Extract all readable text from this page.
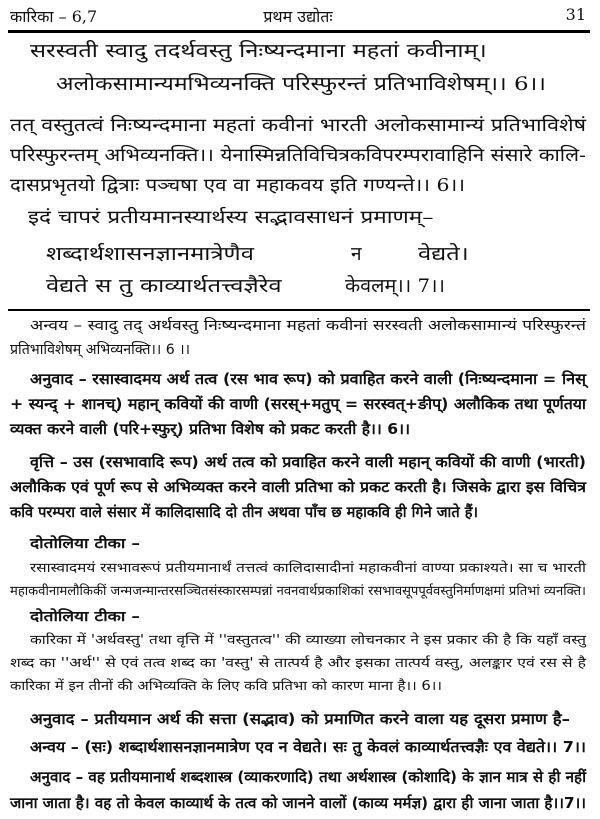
कारिका – 6,7	प्रथम उद्योतः	31
सरस्वती स्वादु तदर्थवस्तु निःष्यन्दमाना महतां कवीनाम्।
अलोकसामान्यमभिव्यनक्ति परिस्फुरन्तं प्रतिभाविशेषम्।। 6।।
तत् वस्तुतत्वं निःष्यन्दमाना महतां कवीनां भारती अलोकसामान्यं प्रतिभाविशेषं
परिस्फुरन्तम् अभिव्यनक्ति।। येनास्मिन्नतिविचित्रकविपरम्परावाहिनि संसारे कालि-
दासप्रभृतयो द्वित्राः पञ्चषा एव वा महाकवय इति गण्यन्ते।। 6।।
इदं चापरं प्रतीयमानस्यार्थस्य सद्भावसाधनं प्रमाणम्–
शब्दार्थशासनज्ञानमात्रेणैव	न	वेद्यते।
वेद्यते स तु काव्यार्थतत्त्वज्ञैरेव	केवलम्।। 7।।
अन्वय – स्वादु तद् अर्थवस्तु निःष्यन्दमाना महतां कवीनां सरस्वती अलोकसामान्यं परिस्फुरन्तं
प्रतिभाविशेषम् अभिव्यनक्ति।। 6 ।।
अनुवाद – रसास्वादमय अर्थ तत्व (रस भाव रूप) को प्रवाहित करने वाली (निःष्यन्दमाना = निस्
+ स्यन्द् + शानच्) महान् कवियों की वाणी (सरस्+मतुप् = सरस्वत्+ङीप्) अलौकिक तथा पूर्णतया
व्यक्त करने वाली (परि+स्फुर्) प्रतिभा विशेष को प्रकट करती है।। 6।।
वृत्ति – उस (रसभावादि रूप) अर्थ तत्व को प्रवाहित करने वाली महान् कवियों की वाणी (भारती)
अलौकिक एवं पूर्ण रूप से अभिव्यक्त करने वाली प्रतिभा को प्रकट करती है। जिसके द्वारा इस विचित्र
कवि परम्परा वाले संसार में कालिदासादि दो तीन अथवा पाँच छ महाकवि ही गिने जाते हैं।
दोतोलिया टीका –
रसास्वादमयं रसभावरूपं प्रतीयमानार्थं तत्तत्वं कालिदासादीनां महाकवीनां वाण्या प्रकाश्यते। सा च भारती
महाकवीनामलौकिकीं जन्मजन्मान्तरसञ्चितसंस्कारसम्पन्नां नवनवार्थप्रकाशिकां रसभावसूपपूर्ववस्तुनिर्माणक्षमां प्रतिभां व्यनक्ति।
दोतोलिया टीका –
कारिका में 'अर्थवस्तु' तथा वृत्ति में ''वस्तुतत्व'' की व्याख्या लोचनकार ने इस प्रकार की है कि यहाँ वस्तु
शब्द का ''अर्थ'' से एवं तत्व शब्द का 'वस्तु' से तात्पर्य है और इसका तात्पर्य वस्तु, अलङ्कार एवं रस से है
कारिका में इन तीनों की अभिव्यक्ति के लिए कवि प्रतिभा को कारण माना है।। 6।।
अनुवाद – प्रतीयमान अर्थ की सत्ता (सद्भाव) को प्रमाणित करने वाला यह दूसरा प्रमाण है–
अन्वय – (सः) शब्दार्थशासनज्ञानमात्रेण एव न वेद्यते। सः तु केवलं काव्यार्थतत्त्वज्ञैः एव वेद्यते।। 7।।
अनुवाद – वह प्रतीयमानार्थ शब्दशास्त्र (व्याकरणादि) तथा अर्थशास्त्र (कोशादि) के ज्ञान मात्र से ही नहीं
जाना जाता है। वह तो केवल काव्यार्थ के तत्व को जानने वालों (काव्य मर्मज्ञ) द्वारा ही जाना जाता है।।7।।
